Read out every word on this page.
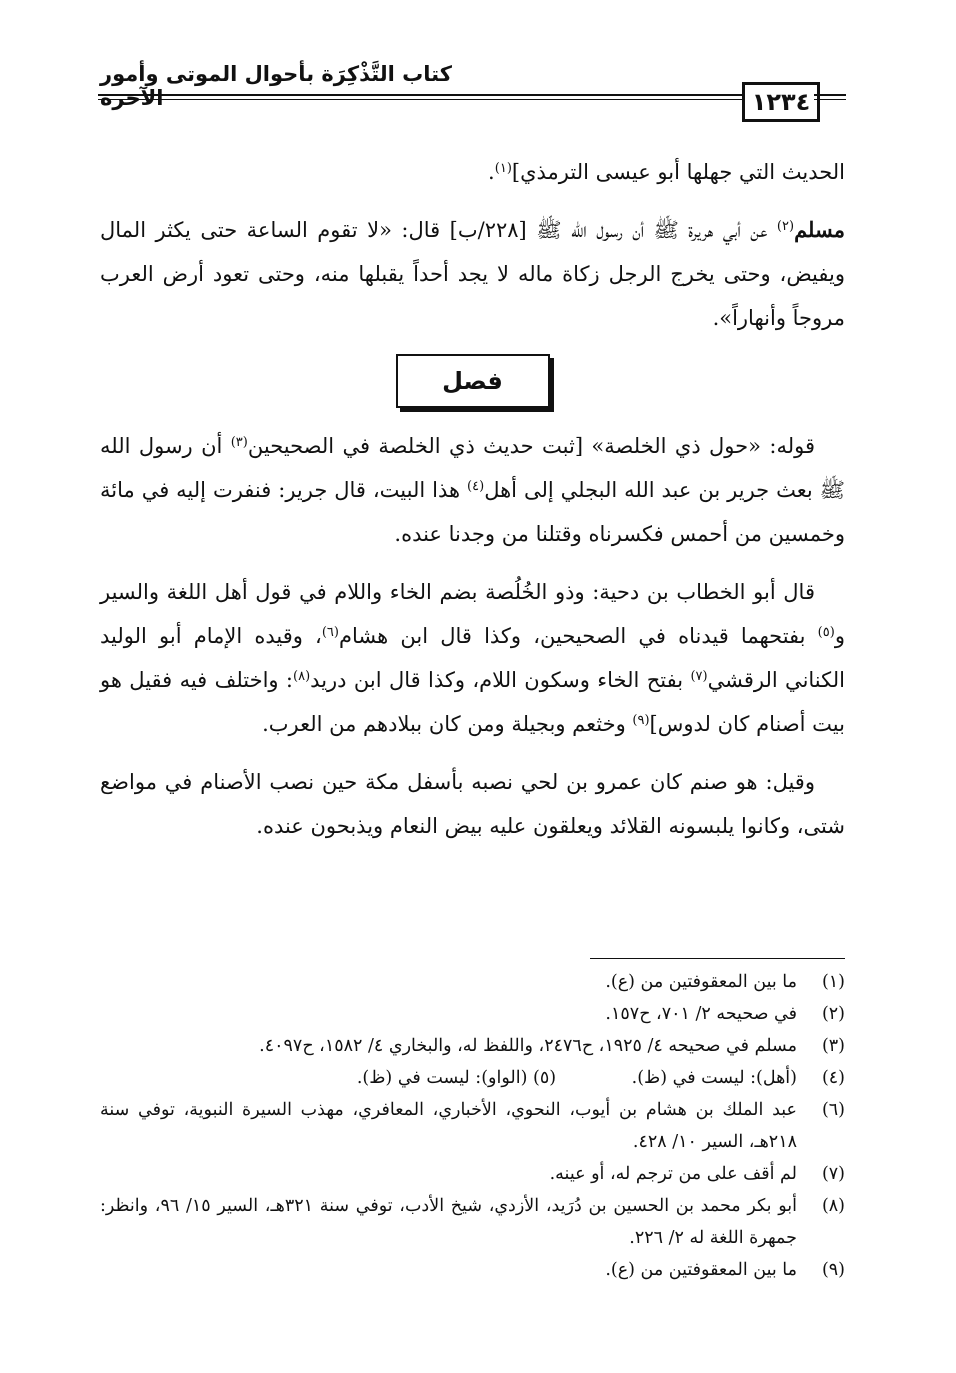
كتاب التَّذْكِرَة بأحوال الموتى وأمور الآخرة	١٢٣٤

الحديث التي جهلها أبو عيسى الترمذي]$^{(١)}$.

مسلم$^{(٢)}$ عن أبي هريرة ﷺ أن رسول الله ﷺ [٢٢٨/ب] قال: «لا تقوم الساعة حتى يكثر المال ويفيض، وحتى يخرج الرجل زكاة ماله لا يجد أحداً يقبلها منه، وحتى تعود أرض العرب مروجاً وأنهاراً».

فصل

قوله: «حول ذي الخلصة» [ثبت حديث ذي الخلصة في الصحيحين$^{(٣)}$ أن رسول الله ﷺ بعث جرير بن عبد الله البجلي إلى أهل$^{(٤)}$ هذا البيت، قال جرير: فنفرت إليه في مائة وخمسين من أحمس فكسرناه وقتلنا من وجدنا عنده.

قال أبو الخطاب بن دحية: وذو الخُلُصة بضم الخاء واللام في قول أهل اللغة والسير و$^{(٥)}$ بفتحهما قيدناه في الصحيحين، وكذا قال ابن هشام$^{(٦)}$، وقيده الإمام أبو الوليد الكناني الرقشي$^{(٧)}$ بفتح الخاء وسكون اللام، وكذا قال ابن دريد$^{(٨)}$: واختلف فيه فقيل هو بيت أصنام كان لدوس]$^{(٩)}$ وخثعم وبجيلة ومن كان ببلادهم من العرب.

وقيل: هو صنم كان عمرو بن لحي نصبه بأسفل مكة حين نصب الأصنام في مواضع شتى، وكانوا يلبسونه القلائد ويعلقون عليه بيض النعام ويذبحون عنده.

(١)
ما بين المعقوفتين من (ع).
(٢)
في صحيحه ٢/ ٧٠١، ح١٥٧.
(٣)
مسلم في صحيحه ٤/ ١٩٢٥، ح٢٤٧٦، واللفظ له، والبخاري ٤/ ١٥٨٢، ح٤٠٩٧.
(٤)
(أهل): ليست في (ظ). (٥) (الواو): ليست في (ظ).
(٦)
عبد الملك بن هشام بن أيوب، النحوي، الأخباري، المعافري، مهذب السيرة النبوية، توفي سنة ٢١٨هـ، السير ١٠/ ٤٢٨.
(٧)
لم أقف على من ترجم له، أو عينه.
(٨)
أبو بكر محمد بن الحسين بن دُرَيد، الأزدي، شيخ الأدب، توفي سنة ٣٢١هـ، السير ١٥/ ٩٦، وانظر: جمهرة اللغة له ٢/ ٢٢٦.
(٩)
ما بين المعقوفتين من (ع).
